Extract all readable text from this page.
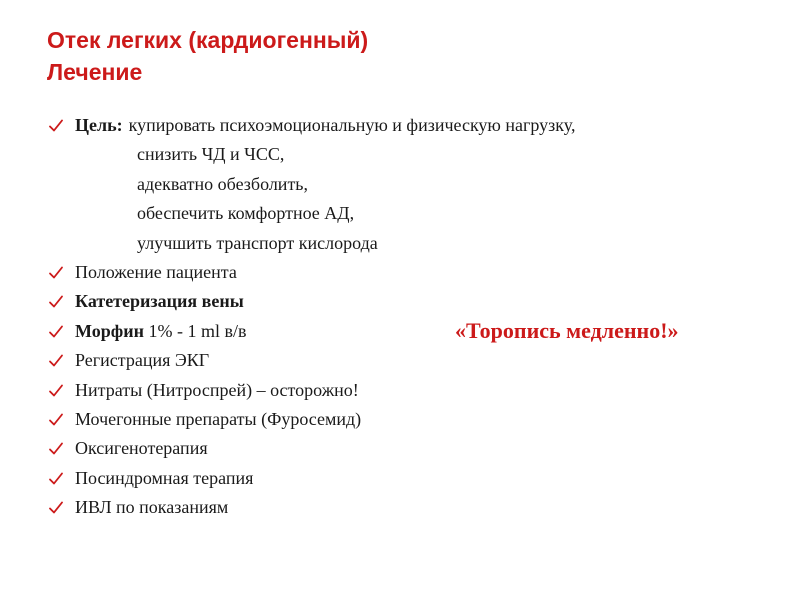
Отек легких (кардиогенный)
Лечение
Цель: купировать психоэмоциональную и физическую нагрузку,
снизить ЧД и ЧСС,
адекватно обезболить,
обеспечить комфортное АД,
улучшить транспорт кислорода
Положение пациента
Катетеризация вены
Морфин 1% - 1 ml в/в
Регистрация ЭКГ
Нитраты (Нитроспрей) – осторожно!
Мочегонные препараты (Фуросемид)
Оксигенотерапия
Посиндромная терапия
ИВЛ по показаниям
«Торопись медленно!»
